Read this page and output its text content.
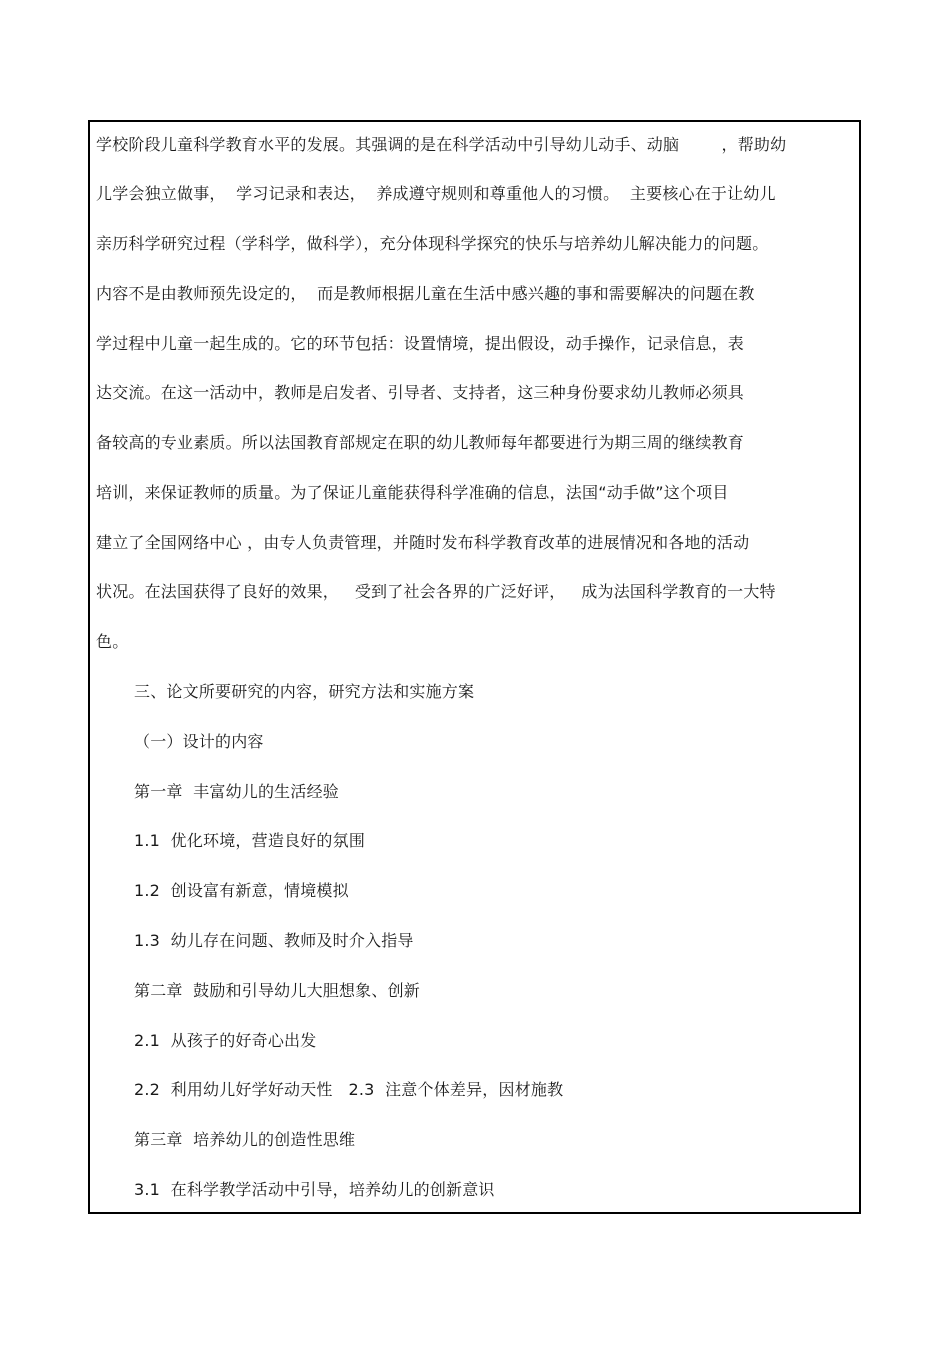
学校阶段儿童科学教育水平的发展。其强调的是在科学活动中引导幼儿动手、动脑        ，帮助幼
儿学会独立做事，  学习记录和表达，  养成遵守规则和尊重他人的习惯。  主要核心在于让幼儿
亲历科学研究过程（学科学，做科学），充分体现科学探究的快乐与培养幼儿解决能力的问题。
内容不是由教师预先设定的，  而是教师根据儿童在生活中感兴趣的事和需要解决的问题在教
学过程中儿童一起生成的。它的环节包括：设置情境，提出假设，动手操作，记录信息，表
达交流。在这一活动中，教师是启发者、引导者、支持者，这三种身份要求幼儿教师必须具
备较高的专业素质。所以法国教育部规定在职的幼儿教师每年都要进行为期三周的继续教育
培训，来保证教师的质量。为了保证儿童能获得科学准确的信息，法国“动手做”这个项目
建立了全国网络中心 ，由专人负责管理，并随时发布科学教育改革的进展情况和各地的活动
状况。在法国获得了良好的效果，   受到了社会各界的广泛好评，   成为法国科学教育的一大特
色。
三、论文所要研究的内容，研究方法和实施方案
（一）设计的内容
第一章  丰富幼儿的生活经验
1.1  优化环境，营造良好的氛围
1.2  创设富有新意，情境模拟
1.3  幼儿存在问题、教师及时介入指导
第二章  鼓励和引导幼儿大胆想象、创新
2.1  从孩子的好奇心出发
2.2  利用幼儿好学好动天性   2.3  注意个体差异，因材施教
第三章  培养幼儿的创造性思维
3.1  在科学教学活动中引导，培养幼儿的创新意识
